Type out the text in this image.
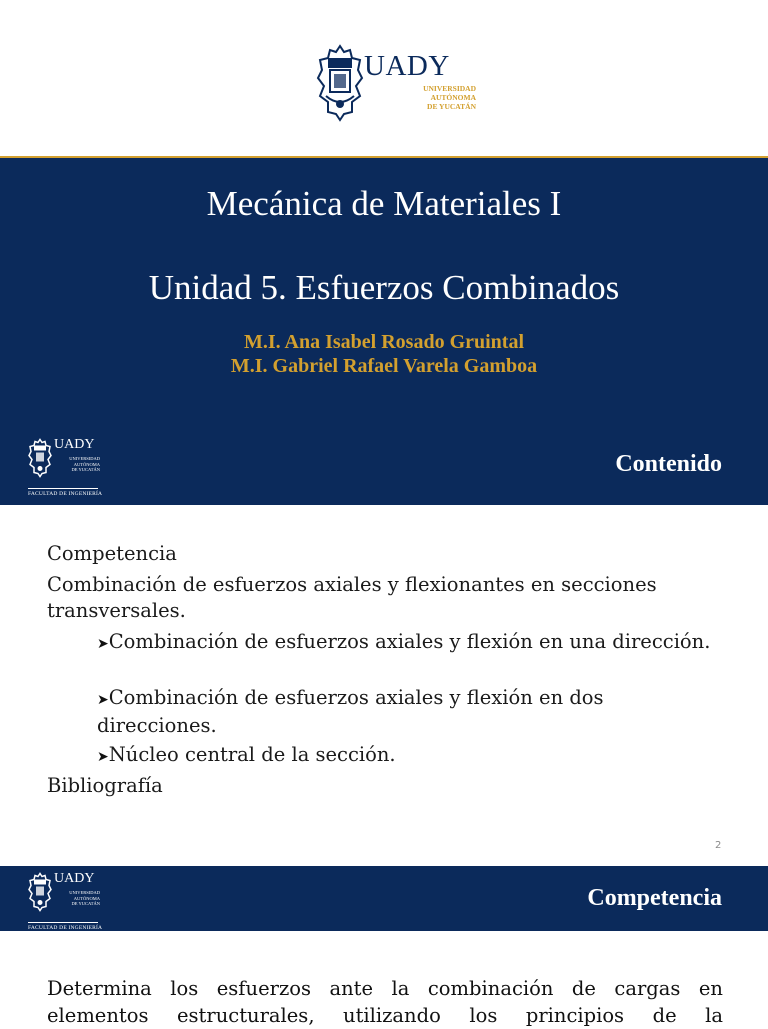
UADY
UNIVERSIDAD
AUTÓNOMA
DE YUCATÁN
Mecánica de Materiales I
Unidad 5. Esfuerzos Combinados
M.I. Ana Isabel Rosado Gruintal
M.I. Gabriel Rafael Varela Gamboa
UADY
UNIVERSIDAD
AUTÓNOMA
DE YUCATÁN
FACULTAD DE INGENIERÍA
Contenido
Competencia
Combinación de esfuerzos axiales y flexionantes en secciones transversales.
➤Combinación de esfuerzos axiales y flexión en una dirección.
➤Combinación de esfuerzos axiales y flexión en dos direcciones.
➤Núcleo central de la sección.
Bibliografía
2
UADY
UNIVERSIDAD
AUTÓNOMA
DE YUCATÁN
FACULTAD DE INGENIERÍA
Competencia
Determina los esfuerzos ante la combinación de cargas en elementos estructurales, utilizando los principios de la
